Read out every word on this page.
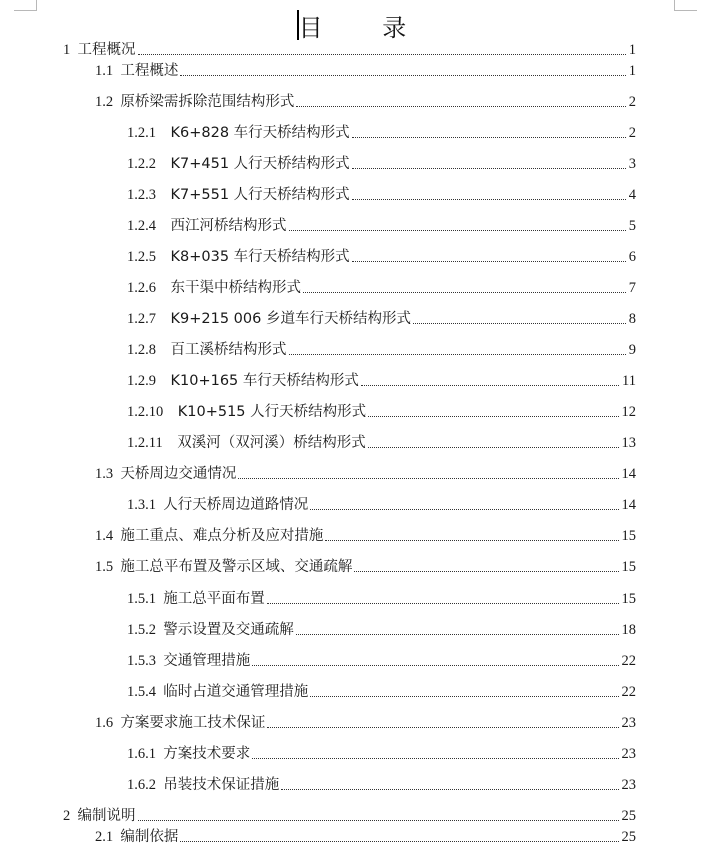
目 录
1 工程概况	1
1.1 工程概述	1
1.2 原桥梁需拆除范围结构形式	2
1.2.1 K6+828 车行天桥结构形式	2
1.2.2 K7+451 人行天桥结构形式	3
1.2.3 K7+551 人行天桥结构形式	4
1.2.4 西江河桥结构形式	5
1.2.5 K8+035 车行天桥结构形式	6
1.2.6 东干渠中桥结构形式	7
1.2.7 K9+215 006 乡道车行天桥结构形式	8
1.2.8 百工溪桥结构形式	9
1.2.9 K10+165 车行天桥结构形式	11
1.2.10 K10+515 人行天桥结构形式	12
1.2.11 双溪河（双河溪）桥结构形式	13
1.3 天桥周边交通情况	14
1.3.1 人行天桥周边道路情况	14
1.4 施工重点、难点分析及应对措施	15
1.5 施工总平布置及警示区域、交通疏解	15
1.5.1 施工总平面布置	15
1.5.2 警示设置及交通疏解	18
1.5.3 交通管理措施	22
1.5.4 临时占道交通管理措施	22
1.6 方案要求施工技术保证	23
1.6.1 方案技术要求	23
1.6.2 吊装技术保证措施	23
2 编制说明	25
2.1 编制依据	25
